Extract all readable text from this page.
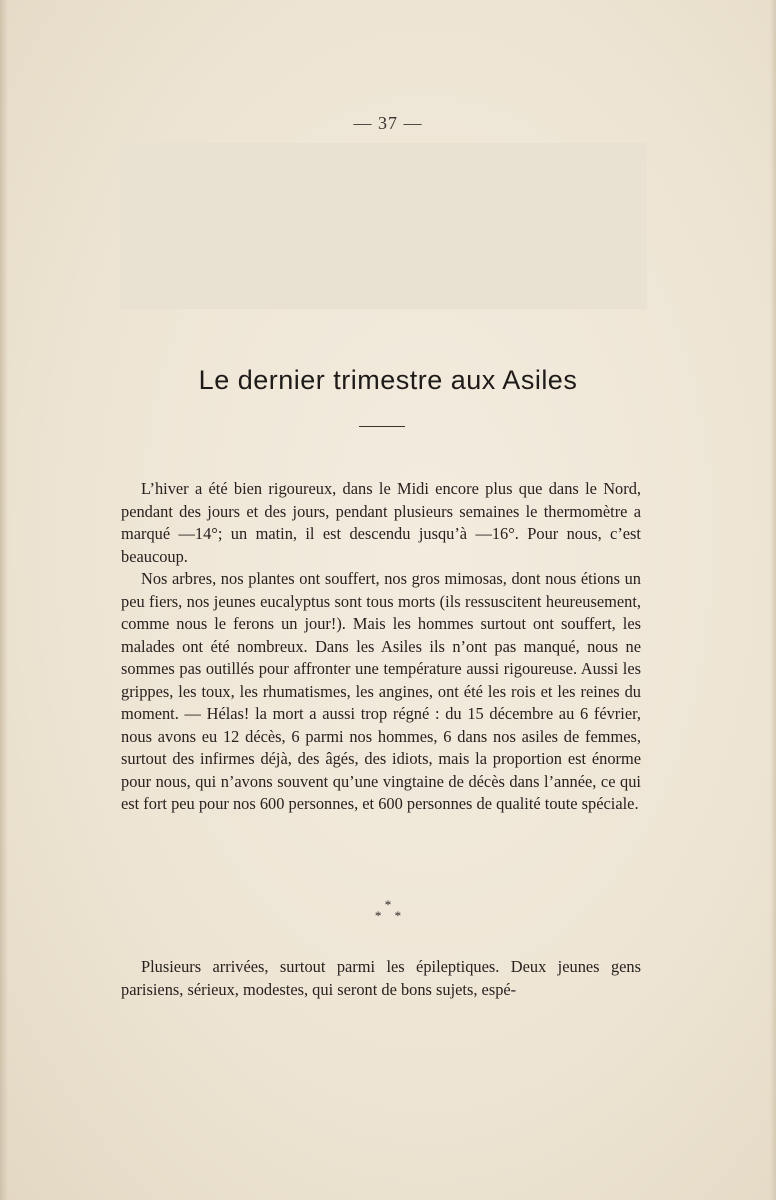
— 37 —
Le dernier trimestre aux Asiles

L’hiver a été bien rigoureux, dans le Midi encore plus que dans le Nord, pendant des jours et des jours, pendant plusieurs semaines le thermomètre a marqué —14°; un matin, il est descendu jusqu’à —16°. Pour nous, c’est beaucoup.

Nos arbres, nos plantes ont souffert, nos gros mimosas, dont nous étions un peu fiers, nos jeunes eucalyptus sont tous morts (ils ressuscitent heureusement, comme nous le ferons un jour!). Mais les hommes surtout ont souffert, les malades ont été nombreux. Dans les Asiles ils n’ont pas manqué, nous ne sommes pas outillés pour affronter une température aussi rigoureuse. Aussi les grippes, les toux, les rhumatismes, les angines, ont été les rois et les reines du moment. — Hélas! la mort a aussi trop régné : du 15 décembre au 6 février, nous avons eu 12 décès, 6 parmi nos hommes, 6 dans nos asiles de femmes, surtout des infirmes déjà, des âgés, des idiots, mais la proportion est énorme pour nous, qui n’avons souvent qu’une vingtaine de décès dans l’année, ce qui est fort peu pour nos 600 personnes, et 600 personnes de qualité toute spéciale.

*
* *

Plusieurs arrivées, surtout parmi les épileptiques. Deux jeunes gens parisiens, sérieux, modestes, qui seront de bons sujets, espé-
